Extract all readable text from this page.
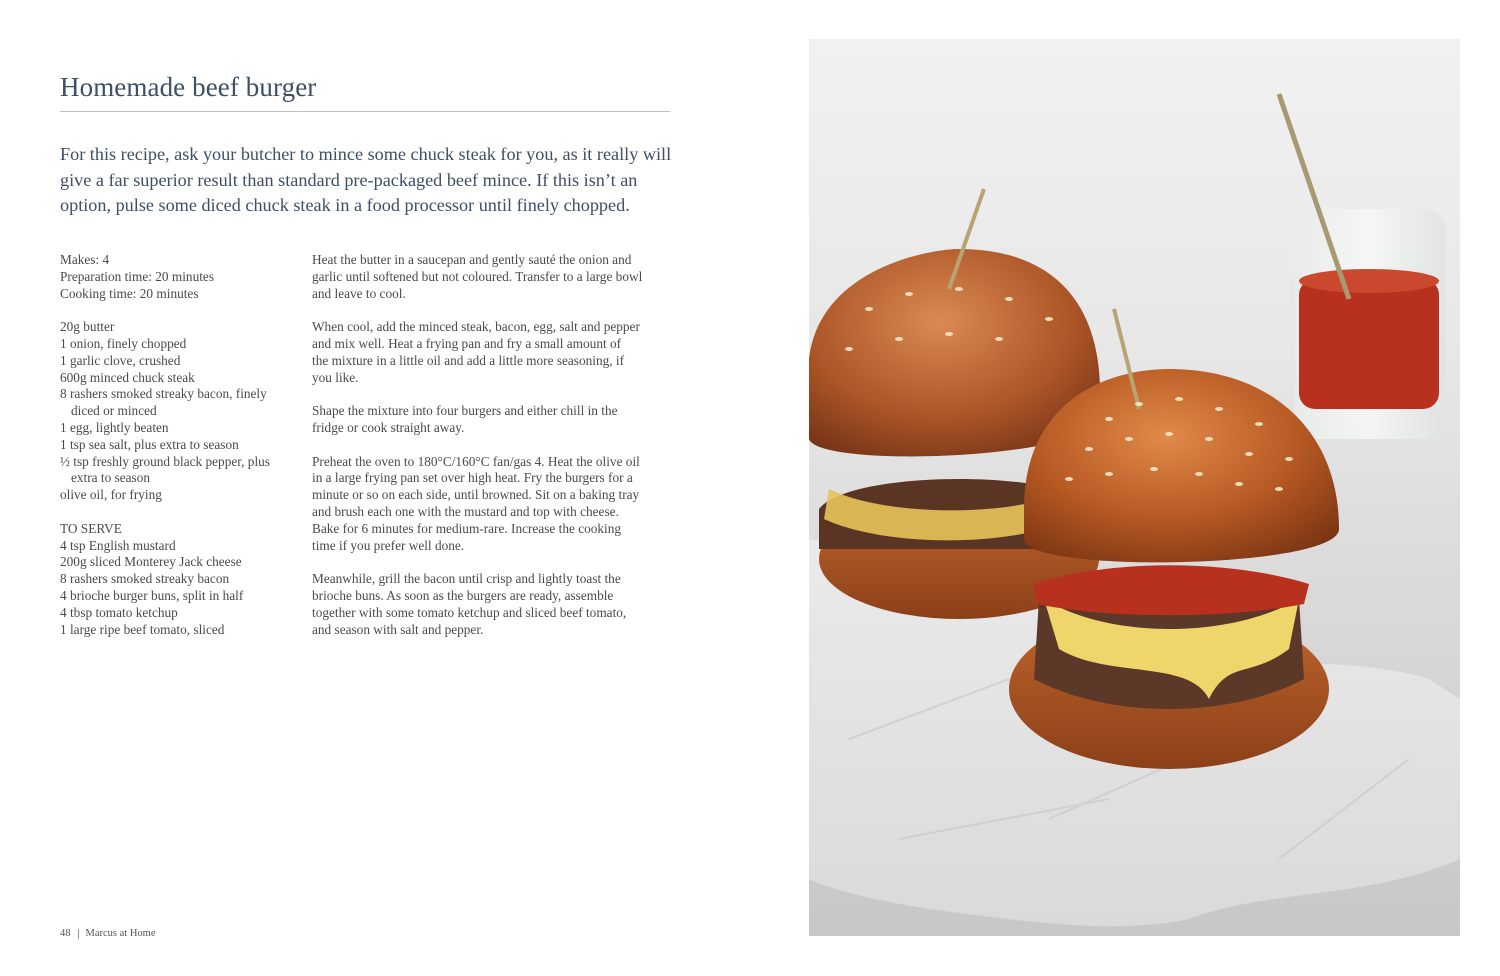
Homemade beef burger
For this recipe, ask your butcher to mince some chuck steak for you, as it really will give a far superior result than standard pre-packaged beef mince. If this isn’t an option, pulse some diced chuck steak in a food processor until finely chopped.
Makes: 4
Preparation time: 20 minutes
Cooking time: 20 minutes
20g butter
1 onion, finely chopped
1 garlic clove, crushed
600g minced chuck steak
8 rashers smoked streaky bacon, finely
diced or minced
1 egg, lightly beaten
1 tsp sea salt, plus extra to season
½ tsp freshly ground black pepper, plus
extra to season
olive oil, for frying
TO SERVE
4 tsp English mustard
200g sliced Monterey Jack cheese
8 rashers smoked streaky bacon
4 brioche burger buns, split in half
4 tbsp tomato ketchup
1 large ripe beef tomato, sliced
Heat the butter in a saucepan and gently sauté the onion and
garlic until softened but not coloured. Transfer to a large bowl
and leave to cool.
When cool, add the minced steak, bacon, egg, salt and pepper
and mix well. Heat a frying pan and fry a small amount of
the mixture in a little oil and add a little more seasoning, if
you like.
Shape the mixture into four burgers and either chill in the
fridge or cook straight away.
Preheat the oven to 180°C/160°C fan/gas 4. Heat the olive oil
in a large frying pan set over high heat. Fry the burgers for a
minute or so on each side, until browned. Sit on a baking tray
and brush each one with the mustard and top with cheese.
Bake for 6 minutes for medium-rare. Increase the cooking
time if you prefer well done.
Meanwhile, grill the bacon until crisp and lightly toast the
brioche buns. As soon as the burgers are ready, assemble
together with some tomato ketchup and sliced beef tomato,
and season with salt and pepper.
48 Marcus at Home
